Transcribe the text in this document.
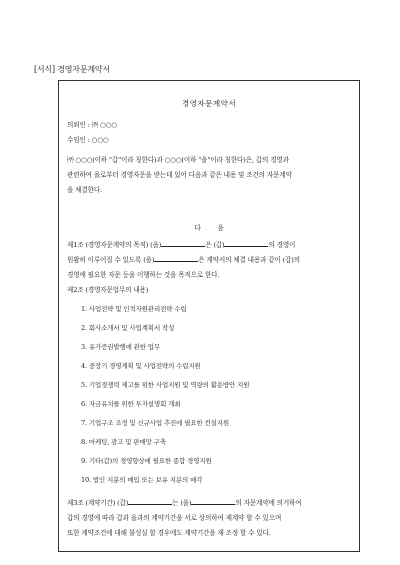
[서식] 경영자문계약서
경영자문계약서
의뢰인 : ㈜ ○○○
수임인 : ○○○
㈜ ○○○(이하 "갑"이라 칭한다)과 ○○○(이하 "을"이라 칭한다)은, 갑의 경영과
관련하여 을로부터 경영자문을 받는데 있어 다음과 같은 내용 및 조건의 자문계약
을 체결한다.
다 음
제1조 (경영자문계약의 목적) (을)	은 (갑)	의 경영이
원활히 이루어질 수 있도록 (을)	은 계약서의 체결 내용과 같이 (갑)의
경영에 필요한 자문 등을 이행하는 것을 목적으로 한다.
제2조 (경영자문업무의 내용)
1. 사업전략 및 인적자원관리전략 수립
2. 회사소개서 및 사업계획서 작성
3. 유가증권발행에 관한 업무
4. 중장기 경영계획 및 사업전략의 수립지원
5. 기업경쟁력 제고를 위한 사업지원 및 역량의 활용방안 지원
6. 자금유치를 위한 투자설명회 개최
7. 기업구조 조정 및 신규사업 추진에 필요한 컨설지원
8. 마케팅, 광고 및 판매망 구축
9. 기타(갑)의 경영향상에 필요한 종합 경영지원
10. 법인 지분의 매입 또는 보유 지분의 매각
제3조 (계약기간) (갑)	는 (을)	의 자문계약에 의거하여
갑의 경영에 따라 갑과 을과의 계약기간을 서로 상의하여 재계약 할 수 있으며
또한 계약조건에 대해 불성실 할 경우에도 계약기간을 재 조정 할 수 있다.
